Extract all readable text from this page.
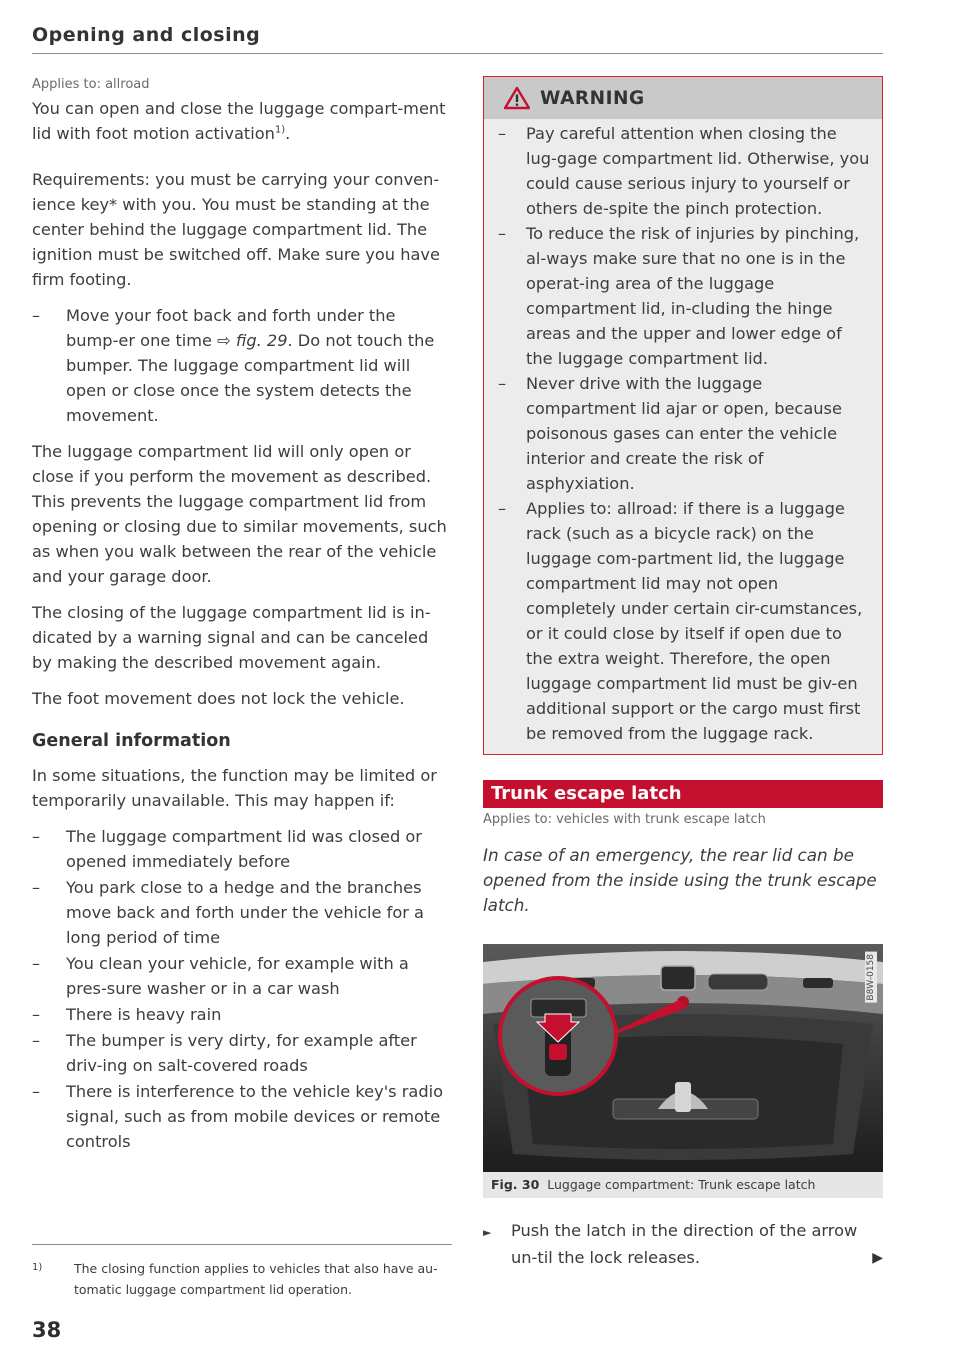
Opening and closing
Applies to: allroad

You can open and close the luggage compart-ment lid with foot motion activation$^{1)}$.

Requirements: you must be carrying your conven-ience key* with you. You must be standing at the center behind the luggage compartment lid. The ignition must be switched off. Make sure you have firm footing.

– Move your foot back and forth under the bump-er one time ⇨ fig. 29. Do not touch the bumper. The luggage compartment lid will open or close once the system detects the movement.

The luggage compartment lid will only open or close if you perform the movement as described. This prevents the luggage compartment lid from opening or closing due to similar movements, such as when you walk between the rear of the vehicle and your garage door.

The closing of the luggage compartment lid is in-dicated by a warning signal and can be canceled by making the described movement again.

The foot movement does not lock the vehicle.

General information

In some situations, the function may be limited or temporarily unavailable. This may happen if:

– The luggage compartment lid was closed or opened immediately before
– You park close to a hedge and the branches move back and forth under the vehicle for a long period of time
– You clean your vehicle, for example with a pres-sure washer or in a car wash
– There is heavy rain
– The bumper is very dirty, for example after driv-ing on salt-covered roads
– There is interference to the vehicle key's radio signal, such as from mobile devices or remote controls
1)	The closing function applies to vehicles that also have au-tomatic luggage compartment lid operation.
38
WARNING
– Pay careful attention when closing the lug-gage compartment lid. Otherwise, you could cause serious injury to yourself or others de-spite the pinch protection.
– To reduce the risk of injuries by pinching, al-ways make sure that no one is in the operat-ing area of the luggage compartment lid, in-cluding the hinge areas and the upper and lower edge of the luggage compartment lid.
– Never drive with the luggage compartment lid ajar or open, because poisonous gases can enter the vehicle interior and create the risk of asphyxiation.
– Applies to: allroad: if there is a luggage rack (such as a bicycle rack) on the luggage com-partment lid, the luggage compartment lid may not open completely under certain cir-cumstances, or it could close by itself if open due to the extra weight. Therefore, the open luggage compartment lid must be giv-en additional support or the cargo must first be removed from the luggage rack.
Trunk escape latch
Applies to: vehicles with trunk escape latch
In case of an emergency, the rear lid can be opened from the inside using the trunk escape latch.
B8W-0158
Fig. 30 Luggage compartment: Trunk escape latch
► Push the latch in the direction of the arrow un-til the lock releases.	▶
